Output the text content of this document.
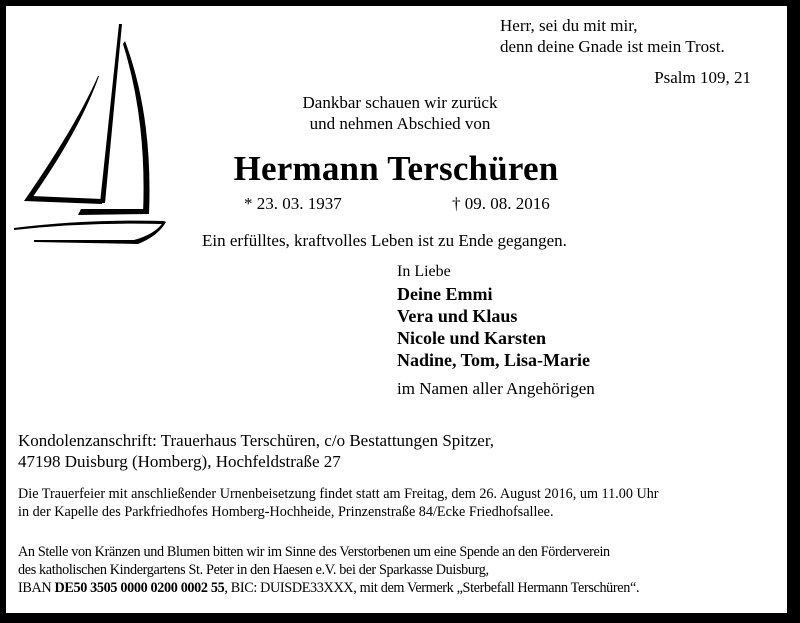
Herr, sei du mit mir,
denn deine Gnade ist mein Trost.
Psalm 109, 21
Dankbar schauen wir zurück
und nehmen Abschied von
Hermann Terschüren
* 23. 03. 1937	† 09. 08. 2016
Ein erfülltes, kraftvolles Leben ist zu Ende gegangen.
In Liebe
Deine Emmi
Vera und Klaus
Nicole und Karsten
Nadine, Tom, Lisa-Marie
im Namen aller Angehörigen
Kondolenzanschrift: Trauerhaus Terschüren, c/o Bestattungen Spitzer,
47198 Duisburg (Homberg), Hochfeldstraße 27
Die Trauerfeier mit anschließender Urnenbeisetzung findet statt am Freitag, dem 26. August 2016, um 11.00 Uhr
in der Kapelle des Parkfriedhofes Homberg-Hochheide, Prinzenstraße 84/Ecke Friedhofsallee.
An Stelle von Kränzen und Blumen bitten wir im Sinne des Verstorbenen um eine Spende an den Förderverein
des katholischen Kindergartens St. Peter in den Haesen e.V. bei der Sparkasse Duisburg,
IBAN DE50 3505 0000 0200 0002 55, BIC: DUISDE33XXX, mit dem Vermerk „Sterbefall Hermann Terschüren“.
